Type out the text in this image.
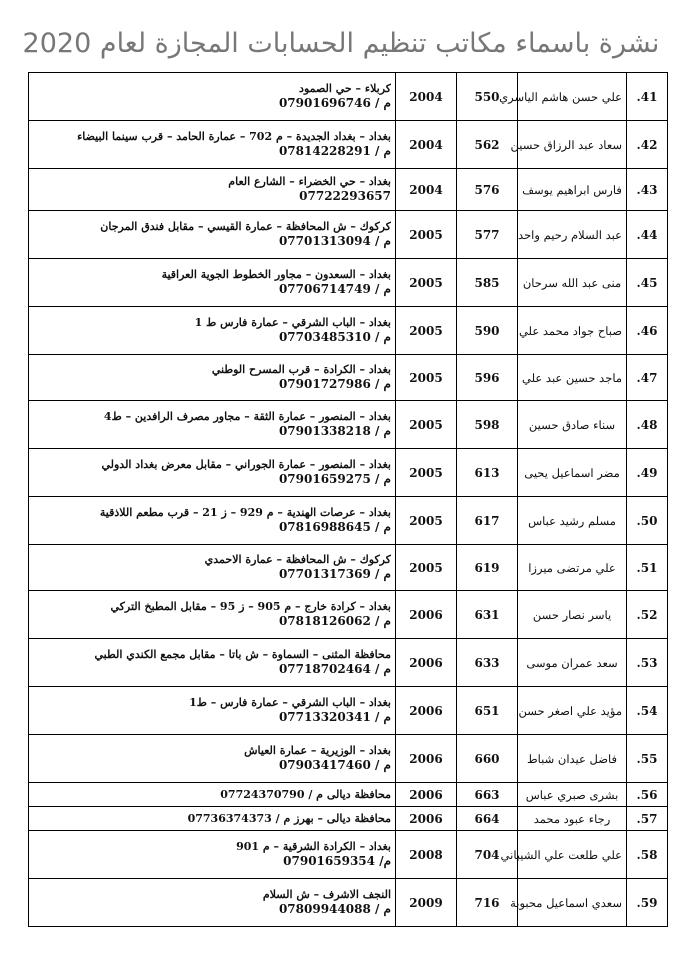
نشرة باسماء مكاتب تنظيم الحسابات المجازة لعام 2020
41.	علي حسن هاشم الياسري	550	2004	كربلاء – حي الصمود
م / 07901696746

42.	سعاد عبد الرزاق حسين	562	2004	بغداد – بغداد الجديدة – م 702 – عمارة الحامد – قرب سينما البيضاء
م / 07814228291

43.	فارس ابراهيم يوسف	576	2004	بغداد – حي الخضراء – الشارع العام
07722293657

44.	عبد السلام رحيم واحد	577	2005	كركوك – ش المحافظة – عمارة القيسي – مقابل فندق المرجان
م / 07701313094

45.	منى عبد الله سرحان	585	2005	بغداد – السعدون – مجاور الخطوط الجوية العراقية
م / 07706714749

46.	صباح جواد محمد علي	590	2005	بغداد – الباب الشرقي – عمارة فارس ط 1
م / 07703485310

47.	ماجد حسين عبد علي	596	2005	بغداد – الكرادة – قرب المسرح الوطني
م / 07901727986

48.	سناء صادق حسين	598	2005	بغداد – المنصور – عمارة الثقة – مجاور مصرف الرافدين – ط4
م / 07901338218

49.	مضر اسماعيل يحيى	613	2005	بغداد – المنصور – عمارة الجوراني – مقابل معرض بغداد الدولي
م / 07901659275

50.	مسلم رشيد عباس	617	2005	بغداد – عرصات الهندية – م 929 – ز 21 – قرب مطعم اللاذقية
م / 07816988645

51.	علي مرتضى ميرزا	619	2005	كركوك – ش المحافظة – عمارة الاحمدي
م / 07701317369

52.	ياسر نصار حسن	631	2006	بغداد – كرادة خارج – م 905 – ز 95 – مقابل المطبخ التركي
م / 07818126062

53.	سعد عمران موسى	633	2006	محافظة المثنى – السماوة – ش باتا – مقابل مجمع الكندي الطبي
م / 07718702464

54.	مؤيد علي اصغر حسن	651	2006	بغداد – الباب الشرقي – عمارة فارس – ط1
م / 07713320341

55.	فاضل عيدان شباط	660	2006	بغداد – الوزيرية – عمارة العياش
م / 07903417460

56.	بشرى صبري عباس	663	2006	محافظة ديالى م / 07724370790

57.	رجاء عبود محمد	664	2006	محافظة ديالى – بهرز م / 07736374373

58.	علي طلعت علي الشيباني	704	2008	بغداد – الكرادة الشرقية – م 901
م/ 07901659354

59.	سعدي اسماعيل محبوبة	716	2009	النجف الاشرف – ش السلام
م / 07809944088
